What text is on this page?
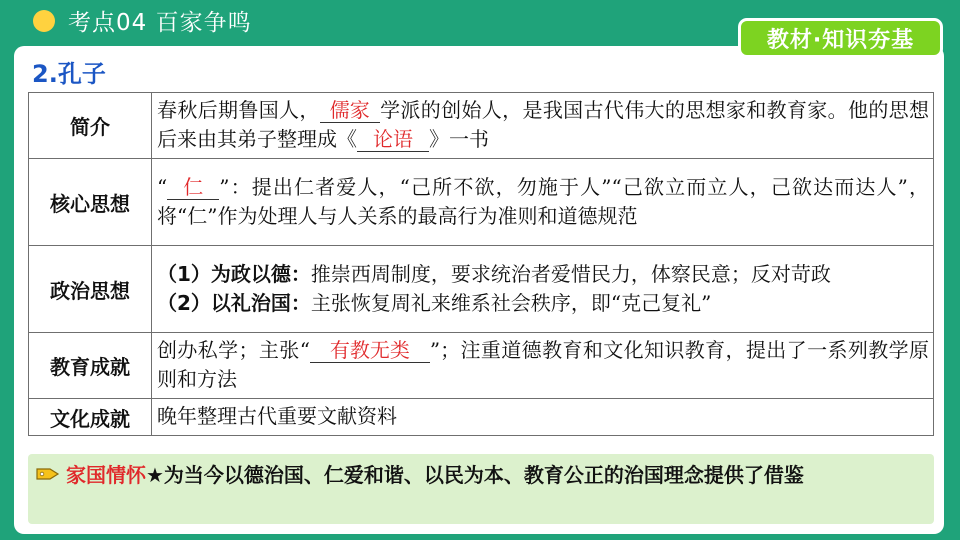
考点04 百家争鸣
教材·知识夯基
2.孔子
简介	春秋后期鲁国人， 儒家 学派的创始人，是我国古代伟大的思想家和教育家。他的思想后来由其弟子整理成《 论语 》一书
核心思想	“ 仁 ”：提出仁者爱人，“己所不欲，勿施于人”“己欲立而立人，己欲达而达人”，将“仁”作为处理人与人关系的最高行为准则和道德规范
政治思想	（1）为政以德：推崇西周制度，要求统治者爱惜民力，体察民意；反对苛政
（2）以礼治国：主张恢复周礼来维系社会秩序，即“克己复礼”

教育成就	创办私学；主张“ 有教无类 ”；注重道德教育和文化知识教育，提出了一系列教学原则和方法
文化成就	晚年整理古代重要文献资料
家国情怀★为当今以德治国、仁爱和谐、以民为本、教育公正的治国理念提供了借鉴
